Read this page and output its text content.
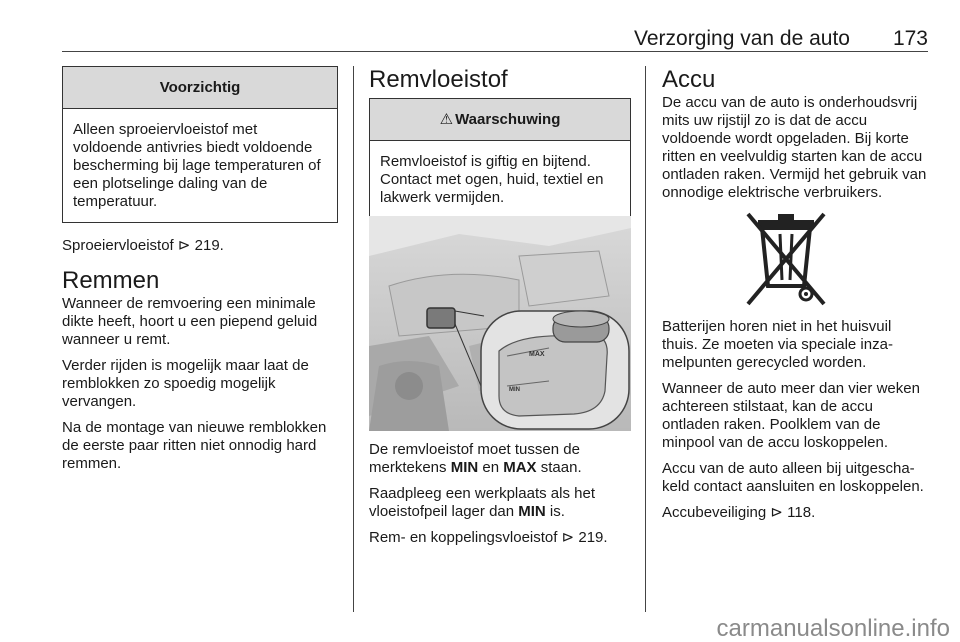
Verzorging van de auto	173
Voorzichtig
Alleen sproeiervloeistof met voldoende antivries biedt voldoende bescherming bij lage temperaturen of een plotselinge daling van de temperatuur.

Sproeiervloeistof ⊳ 219.

Remmen

Wanneer de remvoering een minimale dikte heeft, hoort u een piepend geluid wanneer u remt.

Verder rijden is mogelijk maar laat de remblokken zo spoedig mogelijk vervangen.

Na de montage van nieuwe remblokken de eerste paar ritten niet onnodig hard remmen.

Remvloeistof
⚠ Waarschuwing
Remvloeistof is giftig en bijtend. Contact met ogen, huid, textiel en lakwerk vermijden.
MAX
MIN

De remvloeistof moet tussen de merktekens MIN en MAX staan.

Raadpleeg een werkplaats als het vloeistofpeil lager dan MIN is.

Rem- en koppelingsvloeistof ⊳ 219.

Accu

De accu van de auto is onderhoudsvrij mits uw rijstijl zo is dat de accu voldoende wordt opgeladen. Bij korte ritten en veelvuldig starten kan de accu ontladen raken. Vermijd het gebruik van onnodige elektrische verbruikers.

Batterijen horen niet in het huisvuil thuis. Ze moeten via speciale inzamelpunten gerecycled worden.

Wanneer de auto meer dan vier weken achtereen stilstaat, kan de accu ontladen raken. Poolklem van de minpool van de accu loskoppelen.

Accu van de auto alleen bij uitgeschakeld contact aansluiten en loskoppelen.

Accubeveiliging ⊳ 118.

carmanualsonline.info
